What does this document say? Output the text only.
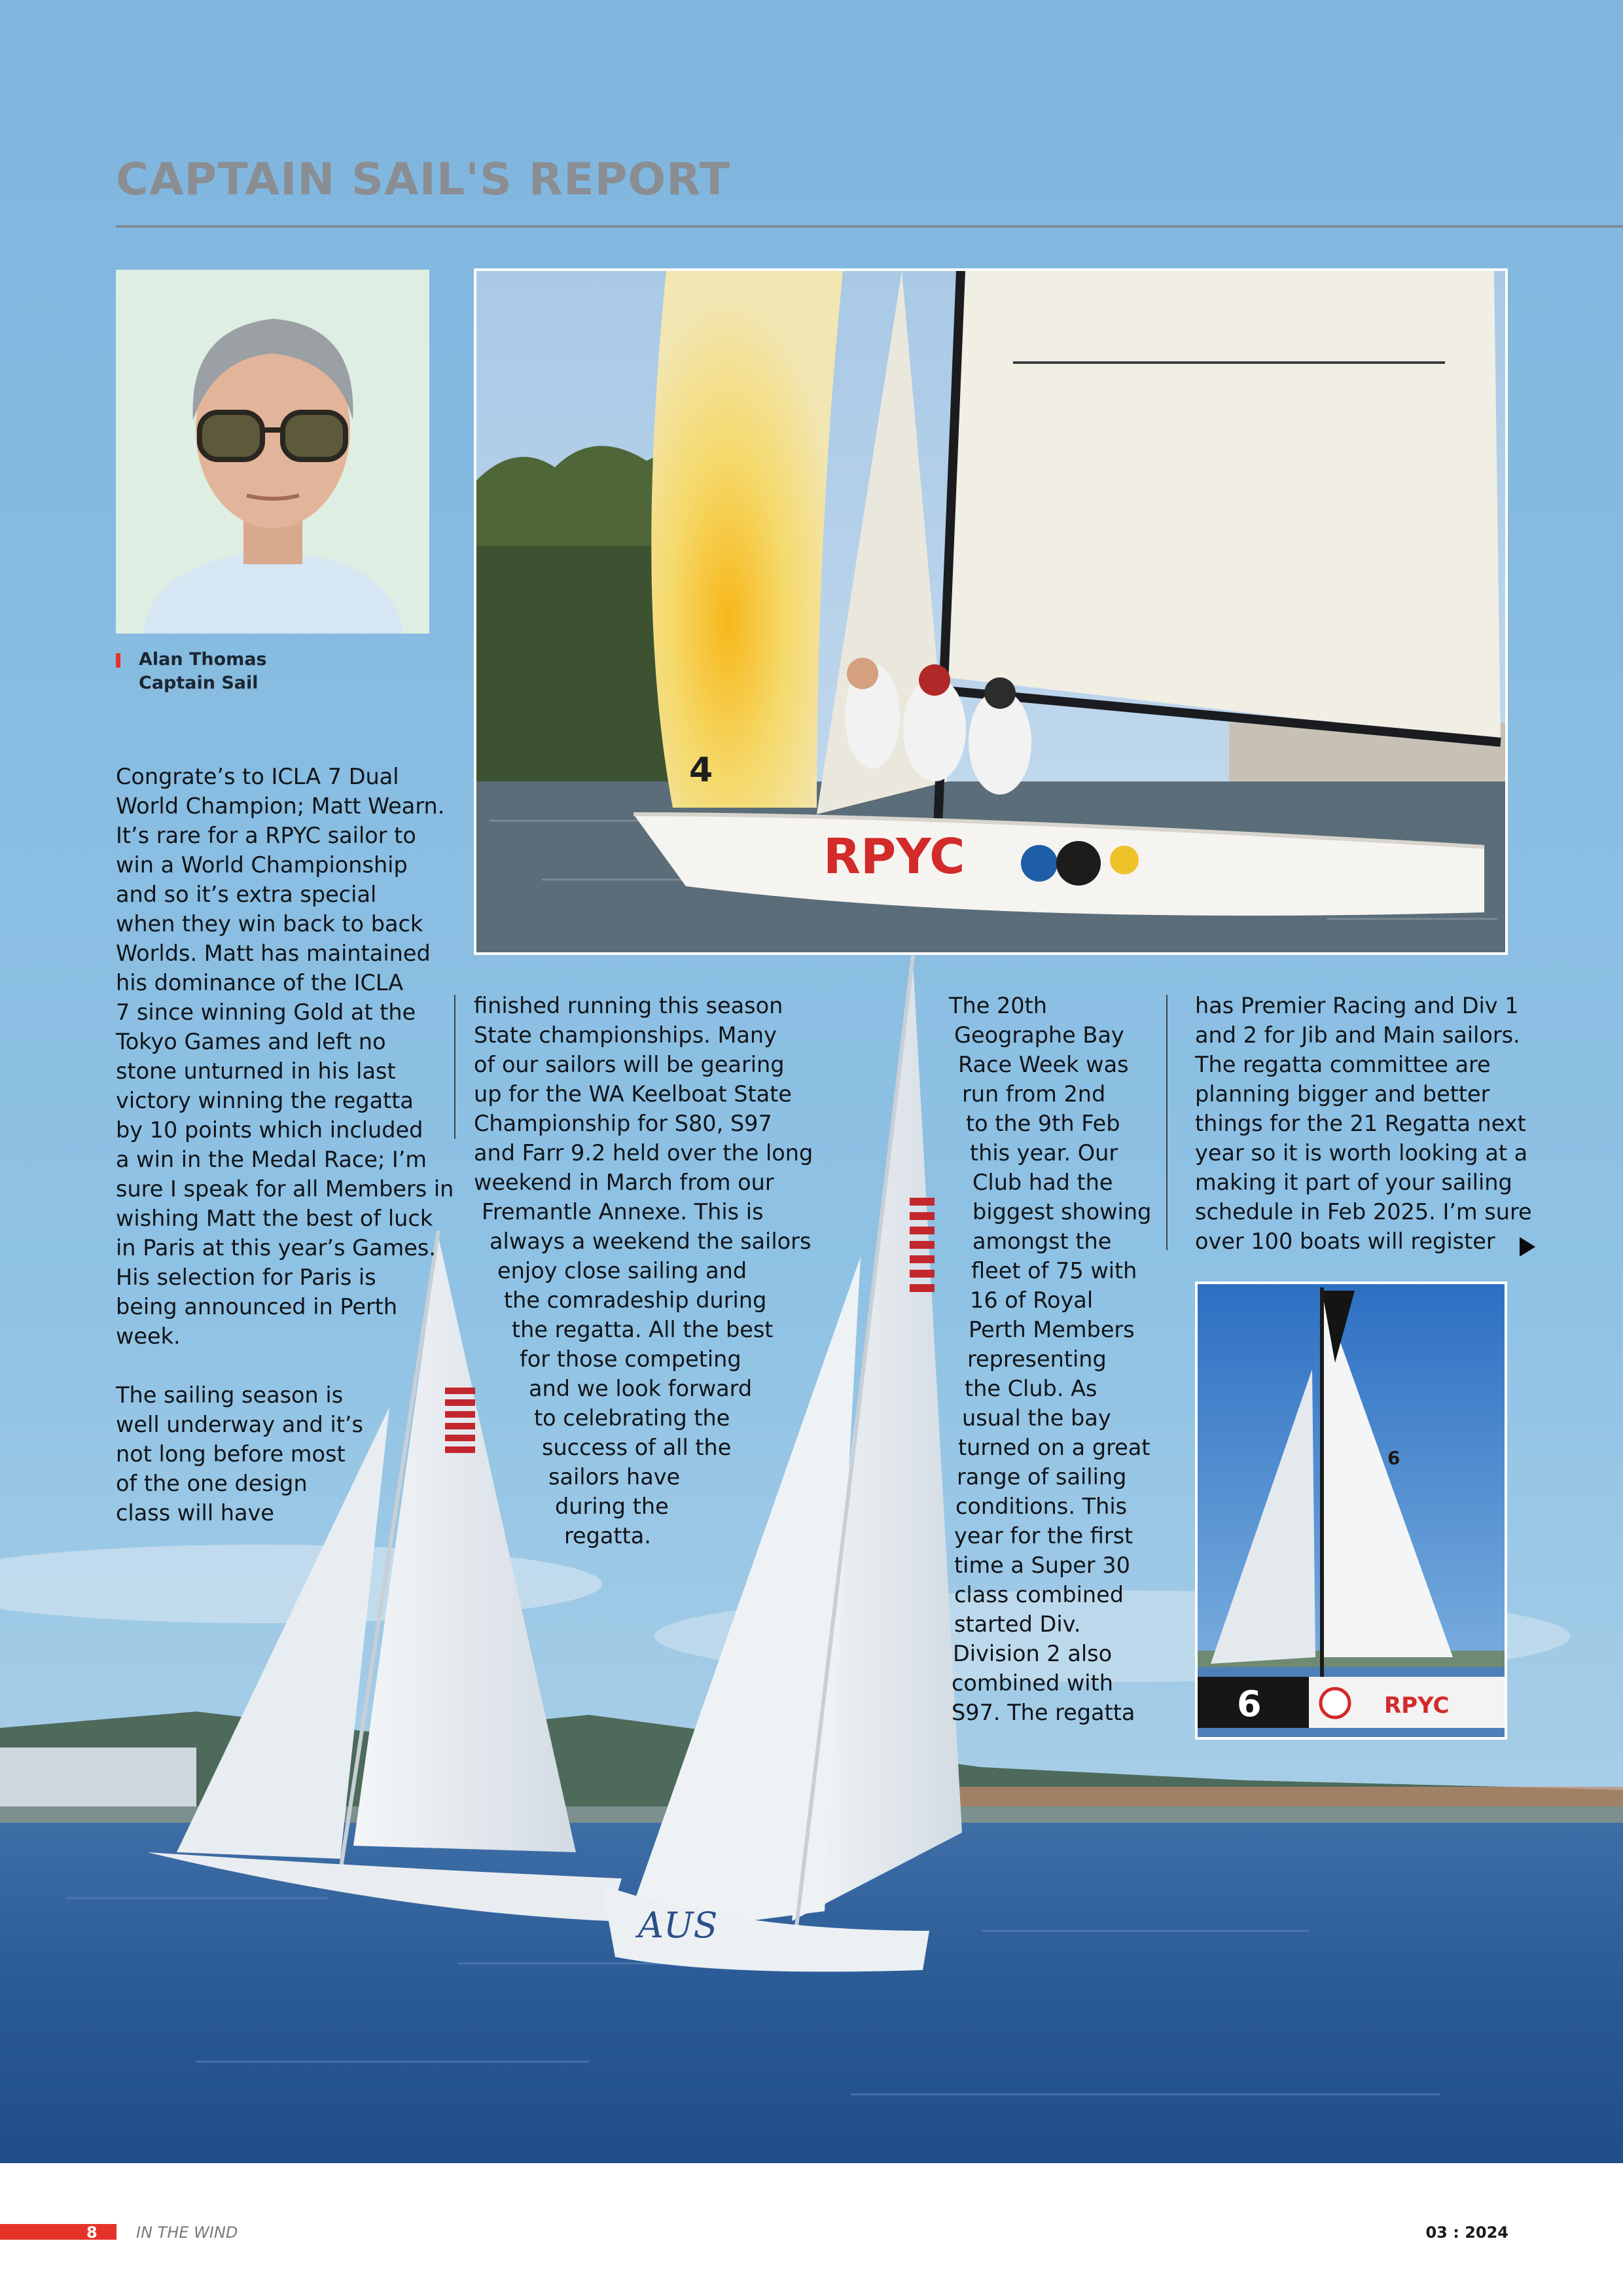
AUS
CAPTAIN SAIL'S REPORT
Alan Thomas
Captain Sail
RPYC
4
6
6	RPYC

Congrate’s to ICLA 7 Dual

World Champion; Matt Wearn.

It’s rare for a RPYC sailor to

win a World Championship

and so it’s extra special

when they win back to back

Worlds. Matt has maintained

his dominance of the ICLA

7 since winning Gold at the

Tokyo Games and left no

stone unturned in his last

victory winning the regatta

by 10 points which included

a win in the Medal Race; I’m

sure I speak for all Members in

wishing Matt the best of luck

in Paris at this year’s Games.

His selection for Paris is

being announced in Perth

week.

The sailing season is

well underway and it’s

not long before most

of the one design

class will have

finished running this season

State championships. Many

of our sailors will be gearing

up for the WA Keelboat State

Championship for S80, S97

and Farr 9.2 held over the long

weekend in March from our

Fremantle Annexe. This is

always a weekend the sailors

enjoy close sailing and

the comradeship during

the regatta. All the best

for those competing

and we look forward

to celebrating the

success of all the

sailors have

during the

regatta.

The 20th

Geographe Bay

Race Week was

run from 2nd

to the 9th Feb

this year. Our

Club had the

biggest showing

amongst the

fleet of 75 with

16 of Royal

Perth Members

representing

the Club. As

usual the bay

turned on a great

range of sailing

conditions. This

year for the first

time a Super 30

class combined

started Div.

Division 2 also

combined with

S97. The regatta

has Premier Racing and Div 1

and 2 for Jib and Main sailors.

The regatta committee are

planning bigger and better

things for the 21 Regatta next

year so it is worth looking at a

making it part of your sailing

schedule in Feb 2025. I’m sure

over 100 boats will register

8 IN THE WIND	03 : 2024
